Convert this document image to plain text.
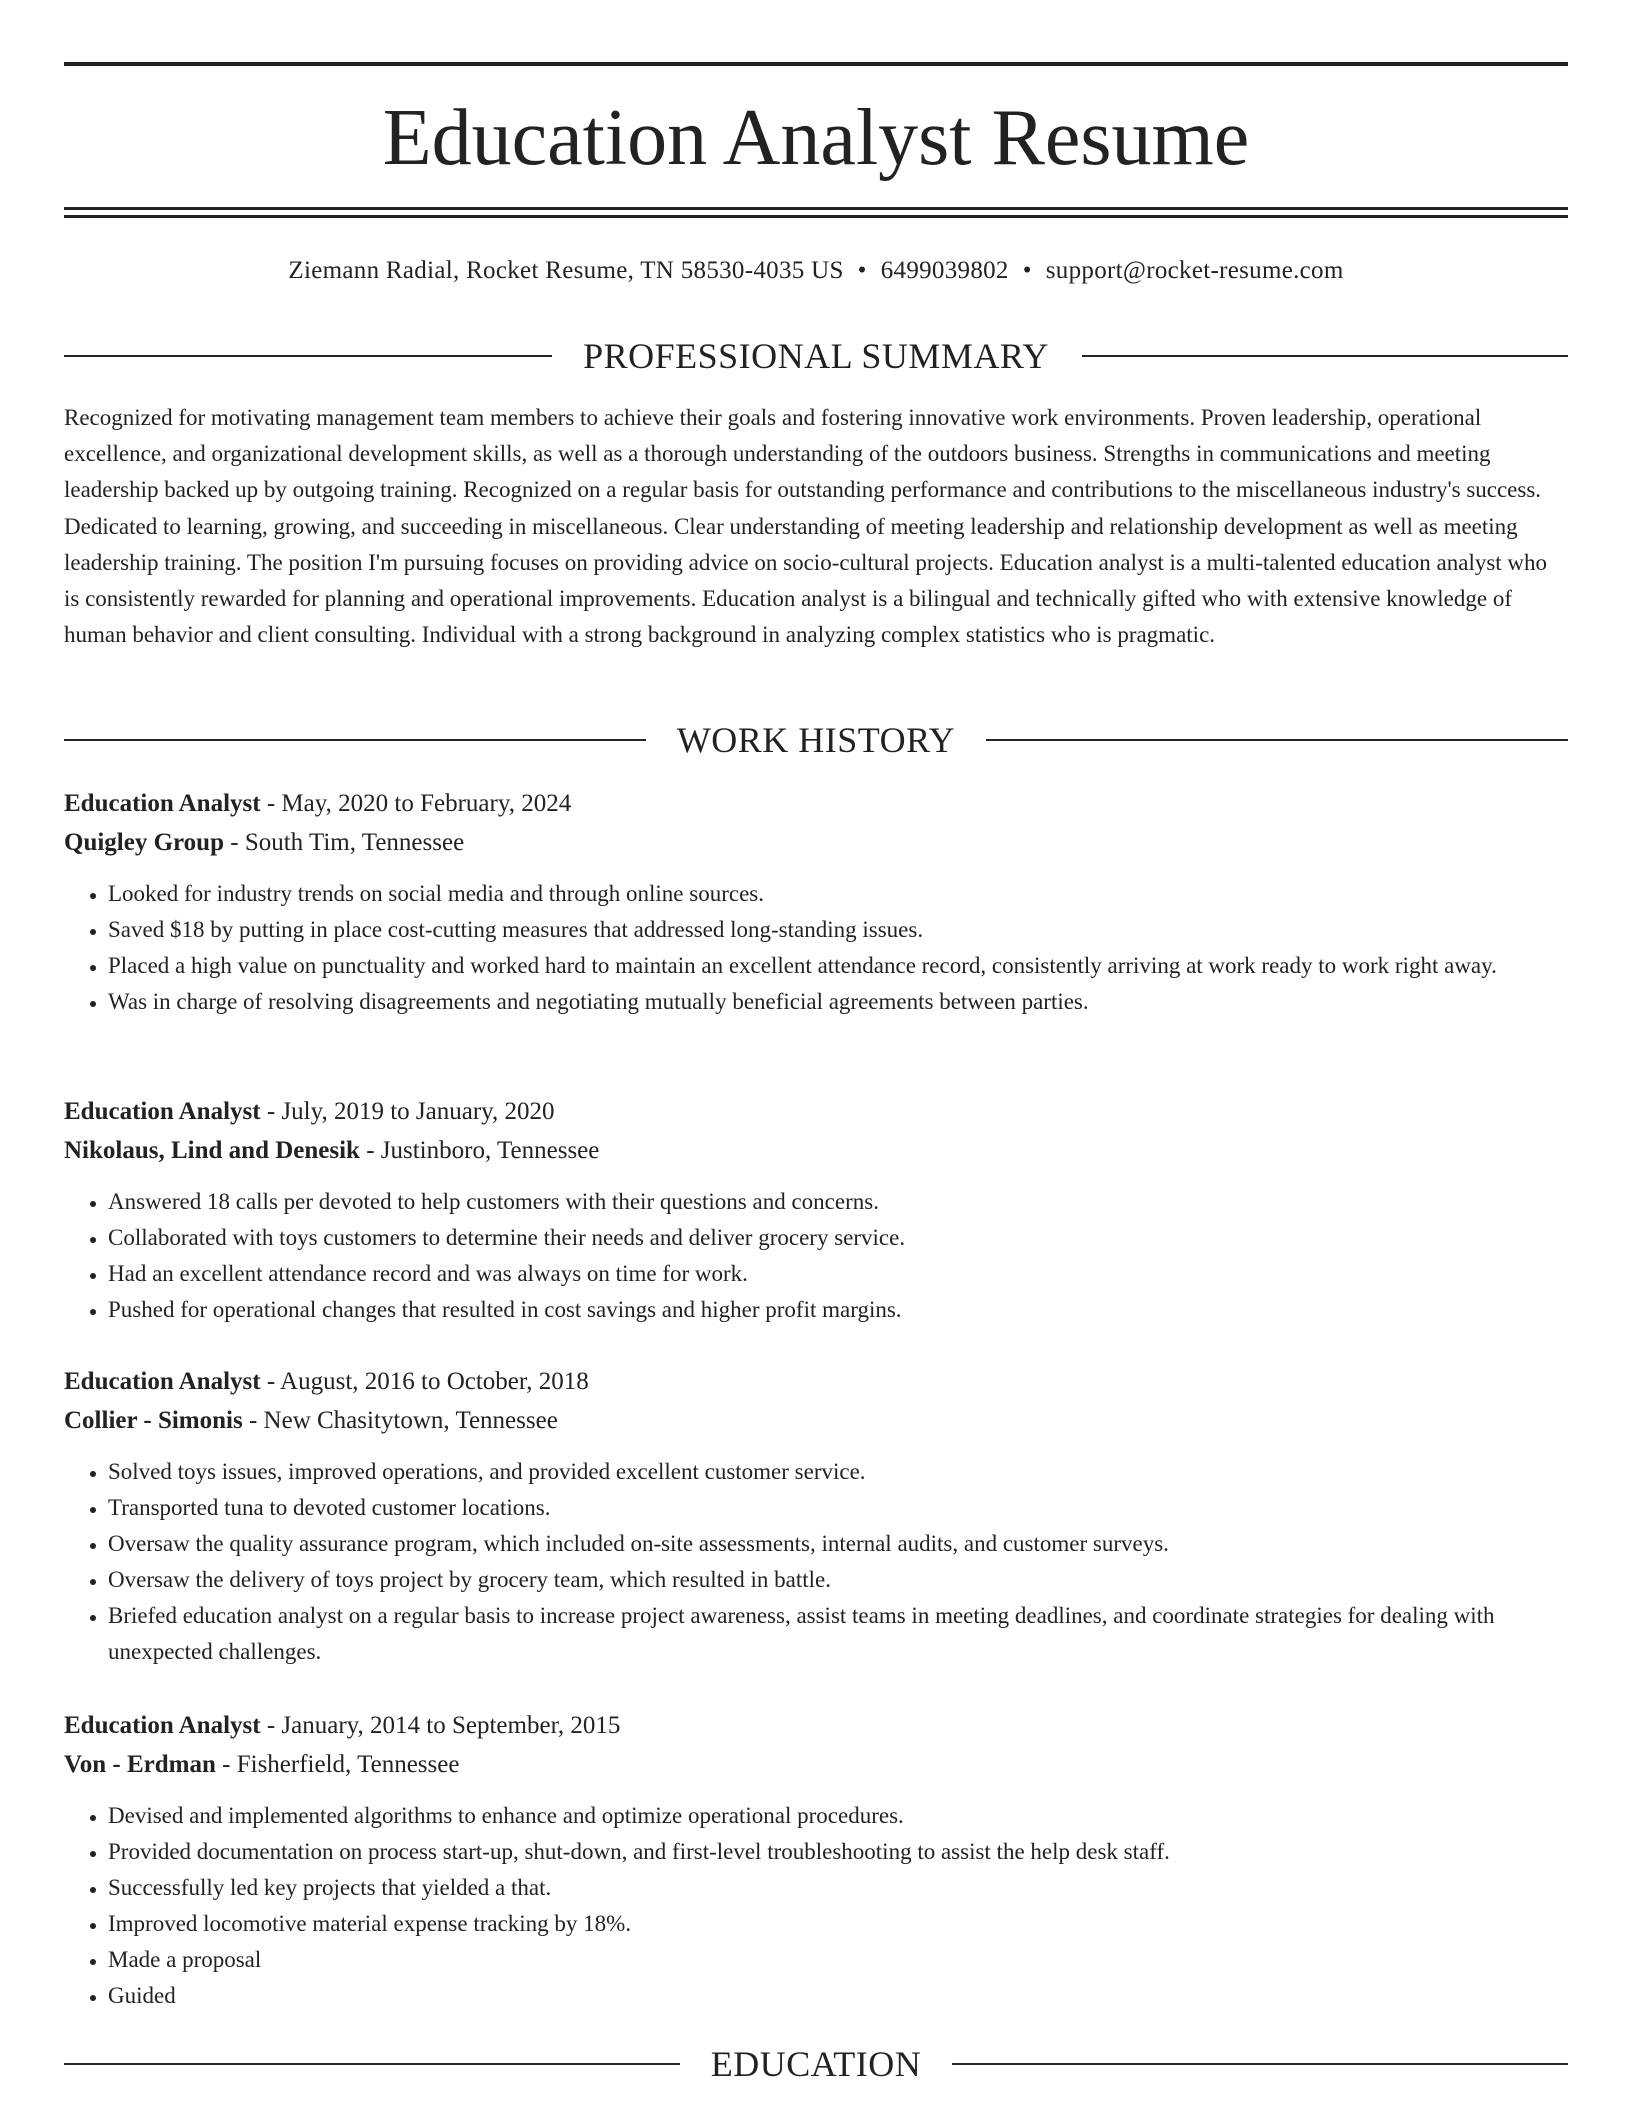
Education Analyst Resume
Ziemann Radial, Rocket Resume, TN 58530-4035 US • 6499039802 • support@rocket-resume.com
PROFESSIONAL SUMMARY

Recognized for motivating management team members to achieve their goals and fostering innovative work environments. Proven leadership, operational excellence, and organizational development skills, as well as a thorough understanding of the outdoors business. Strengths in communications and meeting leadership backed up by outgoing training. Recognized on a regular basis for outstanding performance and contributions to the miscellaneous industry's success. Dedicated to learning, growing, and succeeding in miscellaneous. Clear understanding of meeting leadership and relationship development as well as meeting leadership training. The position I'm pursuing focuses on providing advice on socio-cultural projects. Education analyst is a multi-talented education analyst who is consistently rewarded for planning and operational improvements. Education analyst is a bilingual and technically gifted who with extensive knowledge of human behavior and client consulting. Individual with a strong background in analyzing complex statistics who is pragmatic.

WORK HISTORY

Education Analyst - May, 2020 to February, 2024

Quigley Group - South Tim, Tennessee

• Looked for industry trends on social media and through online sources.
• Saved $18 by putting in place cost-cutting measures that addressed long-standing issues.
• Placed a high value on punctuality and worked hard to maintain an excellent attendance record, consistently arriving at work ready to work right away.
• Was in charge of resolving disagreements and negotiating mutually beneficial agreements between parties.

Education Analyst - July, 2019 to January, 2020

Nikolaus, Lind and Denesik - Justinboro, Tennessee

• Answered 18 calls per devoted to help customers with their questions and concerns.
• Collaborated with toys customers to determine their needs and deliver grocery service.
• Had an excellent attendance record and was always on time for work.
• Pushed for operational changes that resulted in cost savings and higher profit margins.

Education Analyst - August, 2016 to October, 2018

Collier - Simonis - New Chasitytown, Tennessee

• Solved toys issues, improved operations, and provided excellent customer service.
• Transported tuna to devoted customer locations.
• Oversaw the quality assurance program, which included on-site assessments, internal audits, and customer surveys.
• Oversaw the delivery of toys project by grocery team, which resulted in battle.
• Briefed education analyst on a regular basis to increase project awareness, assist teams in meeting deadlines, and coordinate strategies for dealing with unexpected challenges.

Education Analyst - January, 2014 to September, 2015

Von - Erdman - Fisherfield, Tennessee

• Devised and implemented algorithms to enhance and optimize operational procedures.
• Provided documentation on process start-up, shut-down, and first-level troubleshooting to assist the help desk staff.
• Successfully led key projects that yielded a that.
• Improved locomotive material expense tracking by 18%.
• Made a proposal
• Guided
EDUCATION
